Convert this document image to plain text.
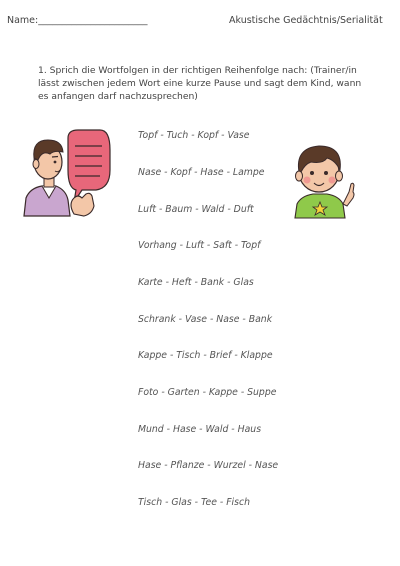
Name:_______________________	Akustische Gedächtnis/Serialität
1. Sprich die Wortfolgen in der richtigen Reihenfolge nach: (Trainer/in lässt zwischen jedem Wort eine kurze Pause und sagt dem Kind, wann es anfangen darf nachzusprechen)
Topf - Tuch - Kopf - Vase
Nase - Kopf - Hase - Lampe
Luft - Baum - Wald - Duft
Vorhang - Luft - Saft - Topf
Karte - Heft - Bank - Glas
Schrank - Vase - Nase - Bank
Kappe - Tisch - Brief - Klappe
Foto - Garten - Kappe - Suppe
Mund - Hase - Wald - Haus
Hase - Pflanze - Wurzel - Nase
Tisch - Glas - Tee - Fisch
